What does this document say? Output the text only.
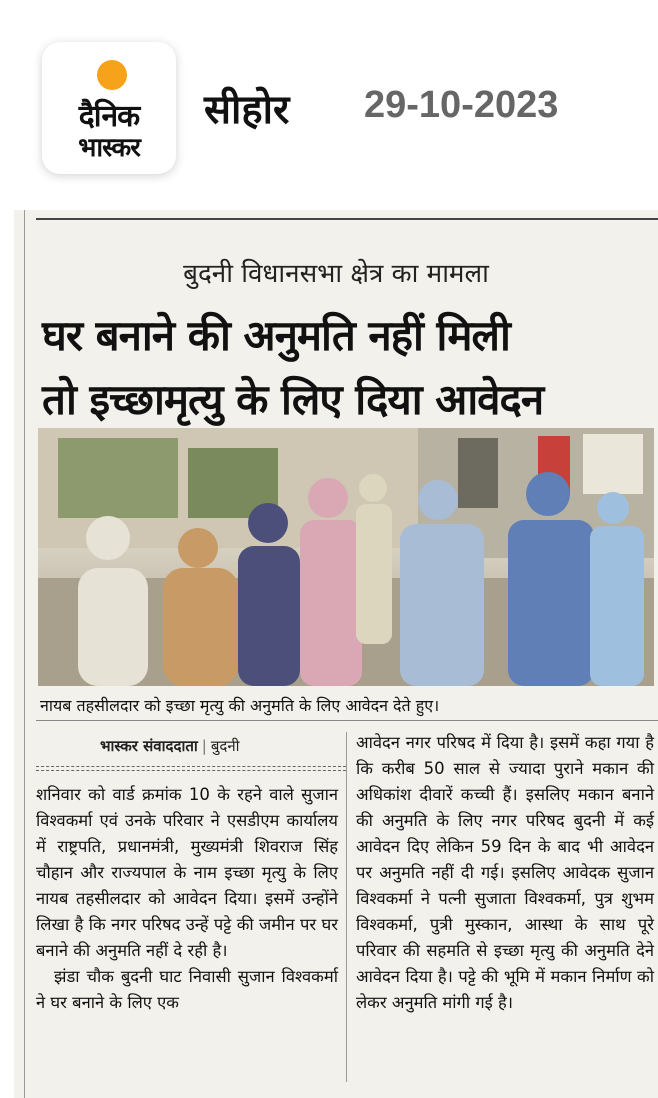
दैनिक
भास्कर
सीहोर 29-10-2023
बुदनी विधानसभा क्षेत्र का मामला
घर बनाने की अनुमति नहीं मिली
तो इच्छामृत्यु के लिए दिया आवेदन
नायब तहसीलदार को इच्छा मृत्यु की अनुमति के लिए आवेदन देते हुए।
भास्कर संवाददाता | बुदनी

शनिवार को वार्ड क्रमांक 10 के रहने वाले सुजान विश्वकर्मा एवं उनके परिवार ने एसडीएम कार्यालय में राष्ट्रपति, प्रधानमंत्री, मुख्यमंत्री शिवराज सिंह चौहान और राज्यपाल के नाम इच्छा मृत्यु के लिए नायब तहसीलदार को आवेदन दिया। इसमें उन्होंने लिखा है कि नगर परिषद उन्हें पट्टे की जमीन पर घर बनाने की अनुमति नहीं दे रही है।

झंडा चौक बुदनी घाट निवासी सुजान विश्वकर्मा ने घर बनाने के लिए एक

आवेदन नगर परिषद में दिया है। इसमें कहा गया है कि करीब 50 साल से ज्यादा पुराने मकान की अधिकांश दीवारें कच्ची हैं। इसलिए मकान बनाने की अनुमति के लिए नगर परिषद बुदनी में कई आवेदन दिए लेकिन 59 दिन के बाद भी आवेदन पर अनुमति नहीं दी गई। इसलिए आवेदक सुजान विश्वकर्मा ने पत्नी सुजाता विश्वकर्मा, पुत्र शुभम विश्वकर्मा, पुत्री मुस्कान, आस्था के साथ पूरे परिवार की सहमति से इच्छा मृत्यु की अनुमति देने आवेदन दिया है। पट्टे की भूमि में मकान निर्माण को लेकर अनुमति मांगी गई है।
